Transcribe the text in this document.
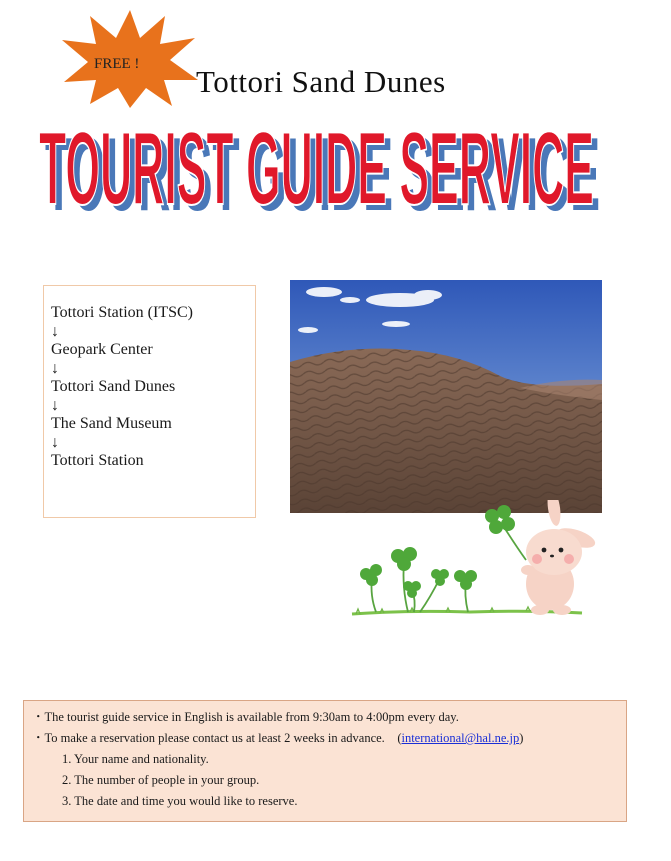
FREE ! Tottori Sand Dunes
TOURIST GUIDE SERVICE
TOURIST GUIDE SERVICE

Tottori Station (ITSC)

↓

Geopark Center

↓

Tottori Sand Dunes

↓

The Sand Museum

↓

Tottori Station

・The tourist guide service in English is available from 9:30am to 4:00pm every day.

・To make a reservation please contact us at least 2 weeks in advance.    (international@hal.ne.jp)

1. Your name and nationality.

2. The number of people in your group.

3. The date and time you would like to reserve.
